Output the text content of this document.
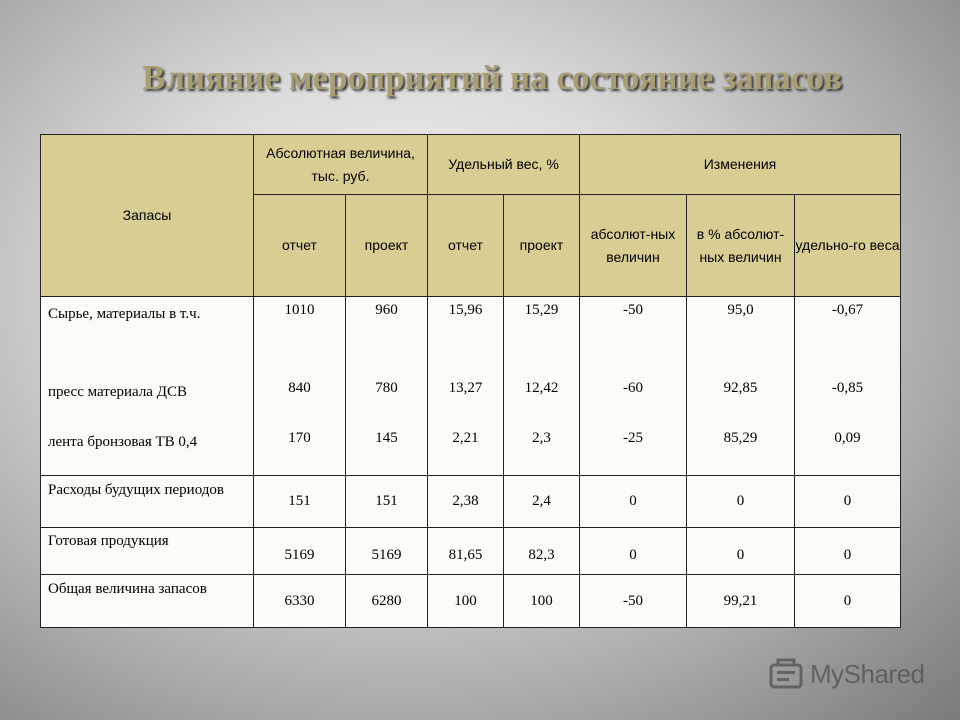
Влияние мероприятий на состояние запасов
Запасы	Абсолютная величина, тыс. руб.		Удельный вес, %		Изменения		
	отчет	проект	отчет	проект	абсолют-ных величин	в % абсолют-ных величин	удельно-го веса
Сырье, материалы в т.ч.	1010	960	15,96	15,29	-50	95,0	-0,67
пресс материала ДСВ	840	780	13,27	12,42	-60	92,85	-0,85
лента бронзовая ТВ 0,4	170	145	2,21	2,3	-25	85,29	0,09
Расходы будущих периодов	151	151	2,38	2,4	0	0	0
Готовая продукция	5169	5169	81,65	82,3	0	0	0
Общая величина запасов	6330	6280	100	100	-50	99,21	0
MyShared
